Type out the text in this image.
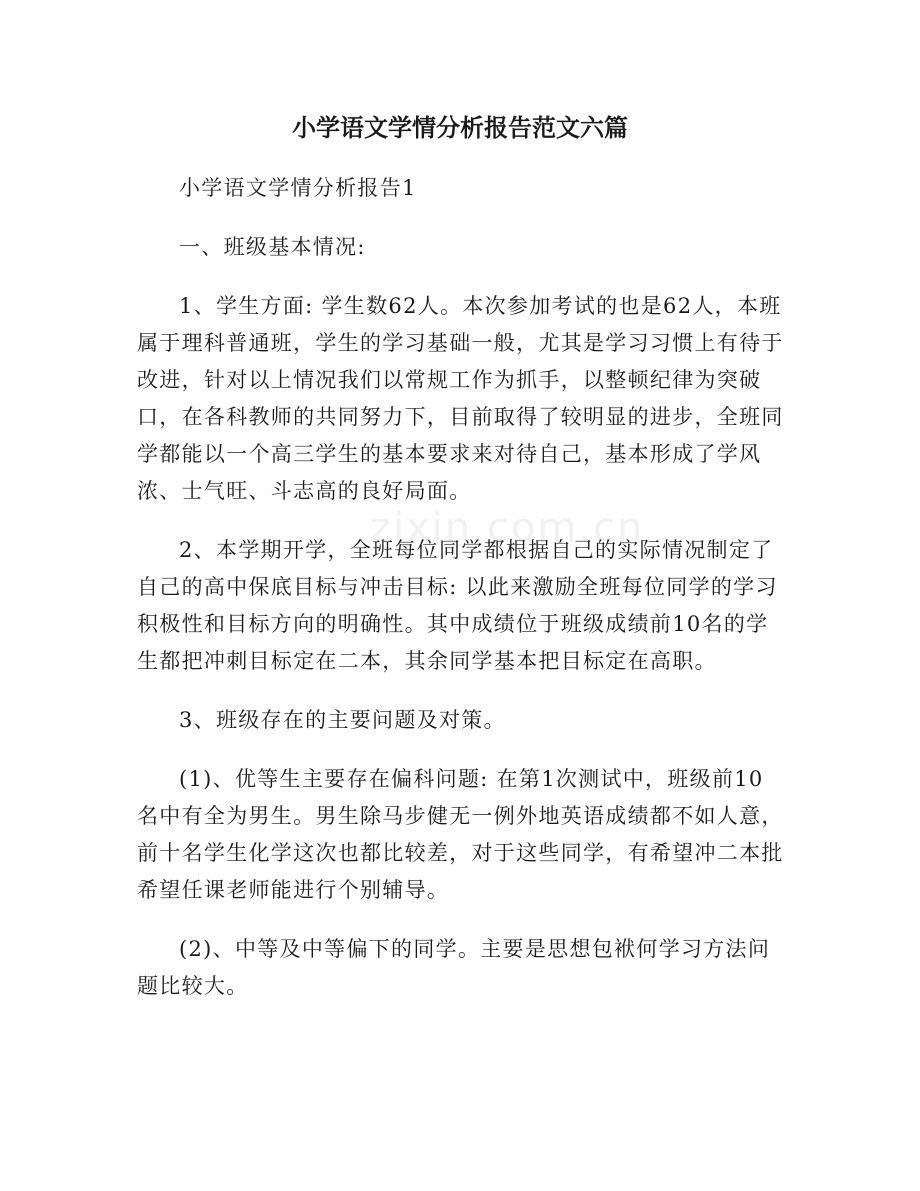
zixin.com.cn
小学语文学情分析报告范文六篇

小学语文学情分析报告1

一、班级基本情况:

1、学生方面: 学生数62人。本次参加考试的也是62人，本班属于理科普通班，学生的学习基础一般，尤其是学习习惯上有待于改进，针对以上情况我们以常规工作为抓手，以整顿纪律为突破口，在各科教师的共同努力下，目前取得了较明显的进步，全班同学都能以一个高三学生的基本要求来对待自己，基本形成了学风浓、士气旺、斗志高的良好局面。

2、本学期开学，全班每位同学都根据自己的实际情况制定了自己的高中保底目标与冲击目标: 以此来激励全班每位同学的学习积极性和目标方向的明确性。其中成绩位于班级成绩前10名的学生都把冲刺目标定在二本，其余同学基本把目标定在高职。

3、班级存在的主要问题及对策。

(1)、优等生主要存在偏科问题: 在第1次测试中，班级前10名中有全为男生。男生除马步健无一例外地英语成绩都不如人意，前十名学生化学这次也都比较差，对于这些同学，有希望冲二本批希望任课老师能进行个别辅导。

(2)、中等及中等偏下的同学。主要是思想包袱何学习方法问题比较大。
